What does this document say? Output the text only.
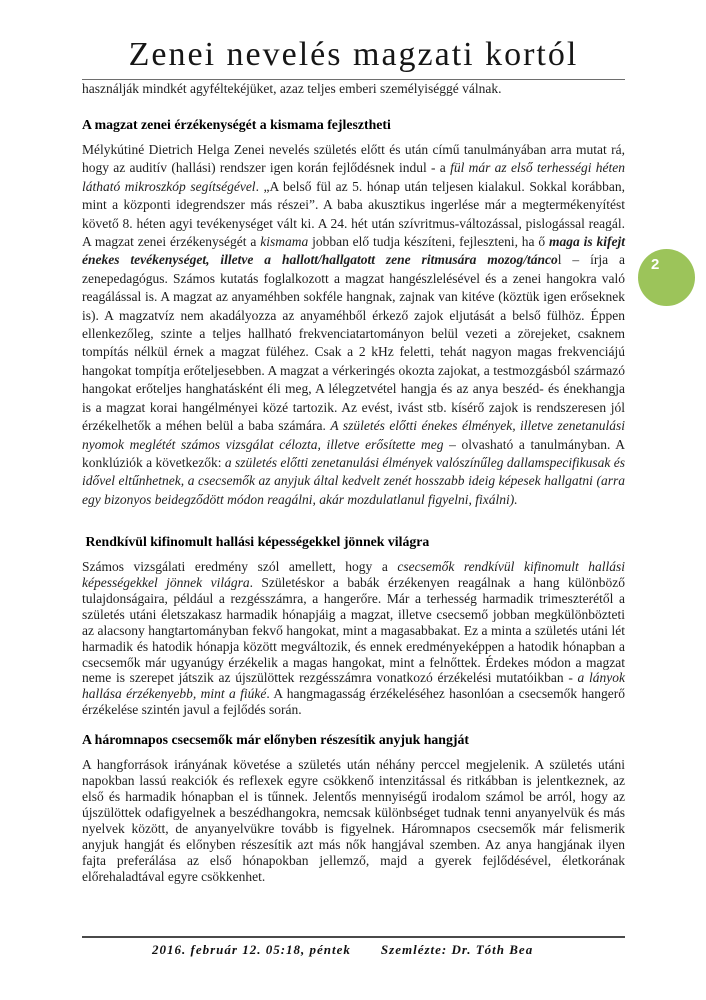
Zenei nevelés magzati kortól

használják mindkét agyféltekéjüket, azaz teljes emberi személyiséggé válnak.

A magzat zenei érzékenységét a kismama fejlesztheti

Mélykútiné Dietrich Helga Zenei nevelés születés előtt és után című tanulmányában arra mutat rá, hogy az auditív (hallási) rendszer igen korán fejlődésnek indul - a fül már az első terhességi héten látható mikroszkóp segítségével. „A belső fül az 5. hónap után teljesen kialakul. Sokkal korábban, mint a központi idegrendszer más részei”. A baba akusztikus ingerlése már a megtermékenyítést követő 8. héten agyi tevékenységet vált ki. A 24. hét után szívritmus-változással, pislogással reagál. A magzat zenei érzékenységét a kismama jobban elő tudja készíteni, fejleszteni, ha ő maga is kifejt énekes tevékenységet, illetve a hallott/hallgatott zene ritmusára mozog/táncol – írja a zenepedagógus. Számos kutatás foglalkozott a magzat hangészlelésével és a zenei hangokra való reagálással is. A magzat az anyaméhben sokféle hangnak, zajnak van kitéve (köztük igen erőseknek is). A magzatvíz nem akadályozza az anyaméhből érkező zajok eljutását a belső fülhöz. Éppen ellenkezőleg, szinte a teljes hallható frekvenciatartományon belül vezeti a zörejeket, csaknem tompítás nélkül érnek a magzat füléhez. Csak a 2 kHz feletti, tehát nagyon magas frekvenciájú hangokat tompítja erőteljesebben. A magzat a vérkeringés okozta zajokat, a testmozgásból származó hangokat erőteljes hanghatásként éli meg, A lélegzetvétel hangja és az anya beszéd- és énekhangja is a magzat korai hangélményei közé tartozik. Az evést, ivást stb. kísérő zajok is rendszeresen jól érzékelhetők a méhen belül a baba számára. A születés előtti énekes élmények, illetve zenetanulási nyomok meglétét számos vizsgálat célozta, illetve erősítette meg – olvasható a tanulmányban. A konklúziók a következők: a születés előtti zenetanulási élmények valószínűleg dallamspecifikusak és idővel eltűnhetnek, a csecsemők az anyjuk által kedvelt zenét hosszabb ideig képesek hallgatni (arra egy bizonyos beidegződött módon reagálni, akár mozdulatlanul figyelni, fixálni).

Rendkívül kifinomult hallási képességekkel jönnek világra

Számos vizsgálati eredmény szól amellett, hogy a csecsemők rendkívül kifinomult hallási képességekkel jönnek világra. Születéskor a babák érzékenyen reagálnak a hang különböző tulajdonságaira, például a rezgésszámra, a hangerőre. Már a terhesség harmadik trimeszterétől a születés utáni életszakasz harmadik hónapjáig a magzat, illetve csecsemő jobban megkülönbözteti az alacsony hangtartományban fekvő hangokat, mint a magasabbakat. Ez a minta a születés utáni lét harmadik és hatodik hónapja között megváltozik, és ennek eredményeképpen a hatodik hónapban a csecsemők már ugyanúgy érzékelik a magas hangokat, mint a felnőttek. Érdekes módon a magzat neme is szerepet játszik az újszülöttek rezgésszámra vonatkozó érzékelési mutatóikban - a lányok hallása érzékenyebb, mint a fiúké. A hangmagasság érzékeléséhez hasonlóan a csecsemők hangerő érzékelése szintén javul a fejlődés során.

A háromnapos csecsemők már előnyben részesítik anyjuk hangját

A hangforrások irányának követése a születés után néhány perccel megjelenik. A születés utáni napokban lassú reakciók és reflexek egyre csökkenő intenzitással és ritkábban is jelentkeznek, az első és harmadik hónapban el is tűnnek. Jelentős mennyiségű irodalom számol be arról, hogy az újszülöttek odafigyelnek a beszédhangokra, nemcsak különbséget tudnak tenni anyanyelvük és más nyelvek között, de anyanyelvükre tovább is figyelnek. Háromnapos csecsemők már felismerik anyjuk hangját és előnyben részesítik azt más nők hangjával szemben. Az anya hangjának ilyen fajta preferálása az első hónapokban jellemző, majd a gyerek fejlődésével, életkorának előrehaladtával egyre csökkenhet.

2
2016. február 12. 05:18, péntek Szemlézte: Dr. Tóth Bea
